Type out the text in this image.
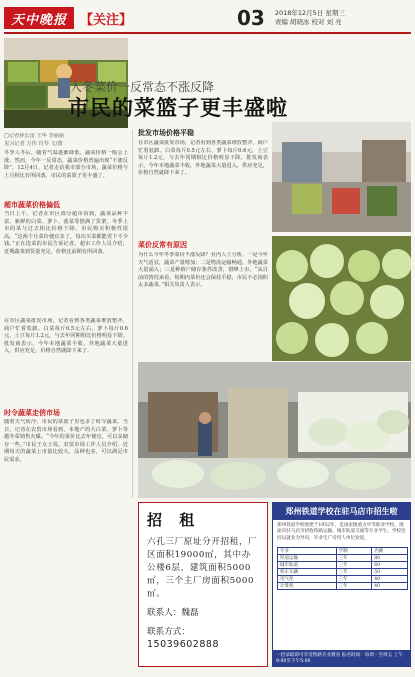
天中晚报	【关注】	03 2018年12月5日 星期三
责编 胡晓冰 校对 刘 亮
入冬菜价一反常态不涨反降
市民的菜篮子更丰盛啦
□记者林长雷 王华 李丽丽
见习记者 万伟 肖琴 文/图
冬季人冬后，随着气温逐渐降低，蔬菜价格一般会上涨。然而，今年一反常态，蔬菜价格普遍出现“不涨反降”。12月4日，记者走访我市部分市场，蔬菜价格与上月相比有所回落，市民的菜篮子更丰盛了。
超市蔬菜价格偏低
当日上午，记者在市区部分超市看到，蔬菜品种丰富，新鲜的白菜、萝卜、菠菜等摆满了货架。冬季上市的菜与过去相比价格下降，市民购买积极性很高。“这两个月菜价便宜多了，每次买菜都能省下不少钱。”正在选菜的市民告诉记者。超市工作人员介绍，近期蔬菜到货量充足，价格比前期有所回落。
在市区蔬菜批发市场，记者看到各类蔬菜堆放整齐，商户忙着装卸。白菜每斤0.5元左右，萝卜每斤0.6元，土豆每斤1.2元，与去年同期相比价格明显下降。批发商表示，今年本地蔬菜丰收，外地蔬菜大量进入，供应充足，价格自然就降下来了。
时令蔬菜走俏市场
随着天气转冷，市民的菜篮子里也多了时令蔬菜。当日，记者在农贸市场看到，本地产的大白菜、萝卜等越冬菜销售火爆。“今年的菜价比去年便宜，可以多储存一些。”市民王女士说。农贸市场工作人员介绍，近期每天的蔬菜上市量比较大，品种也多，可以满足市民需求。
批发市场价格平稳
在市区蔬菜批发市场，记者看到各类蔬菜堆放整齐，商户忙着装卸。白菜每斤0.5元左右，萝卜每斤0.6元，土豆每斤1.2元，与去年同期相比价格明显下降。批发商表示，今年本地蔬菜丰收，外地蔬菜大量进入，供应充足，价格自然就降下来了。
菜价反常有原因
为什么今年冬季菜价不涨反降？业内人士分析，一是今年天气适宜，蔬菜产量增加；二是物流运输畅通，外地蔬菜大量涌入；三是种植户储存条件改善，错峰上市。“从目前的情况来看，短期内菜价还会保持平稳，市民不必囤积太多蔬菜。”相关负责人表示。
招 租
六孔三厂原址分开招租，厂区面积19000㎡，其中办公楼6层，建筑面积5000㎡，三个主厂房面积5000㎡。
联系人：魏磊
联系方式：
15039602888
郑州铁道学校在驻马店市招生啦
郑州铁道学校始建于1952年，是国家级重点中等职业学校，现面向驻马店市招收铁路运输、城市轨道交通等专业学生。学校坚持以就业为导向，毕业生广受用人单位欢迎。
专业	学制	名额
铁道运输	三年	80
城市轨道	三年	60
机车车辆	三年	50
电气化	三年	40
计算机	三年	40
一招录取即可享受铁路专业教育 报名时间：每周一至周五 上午9:00至下午5:00
